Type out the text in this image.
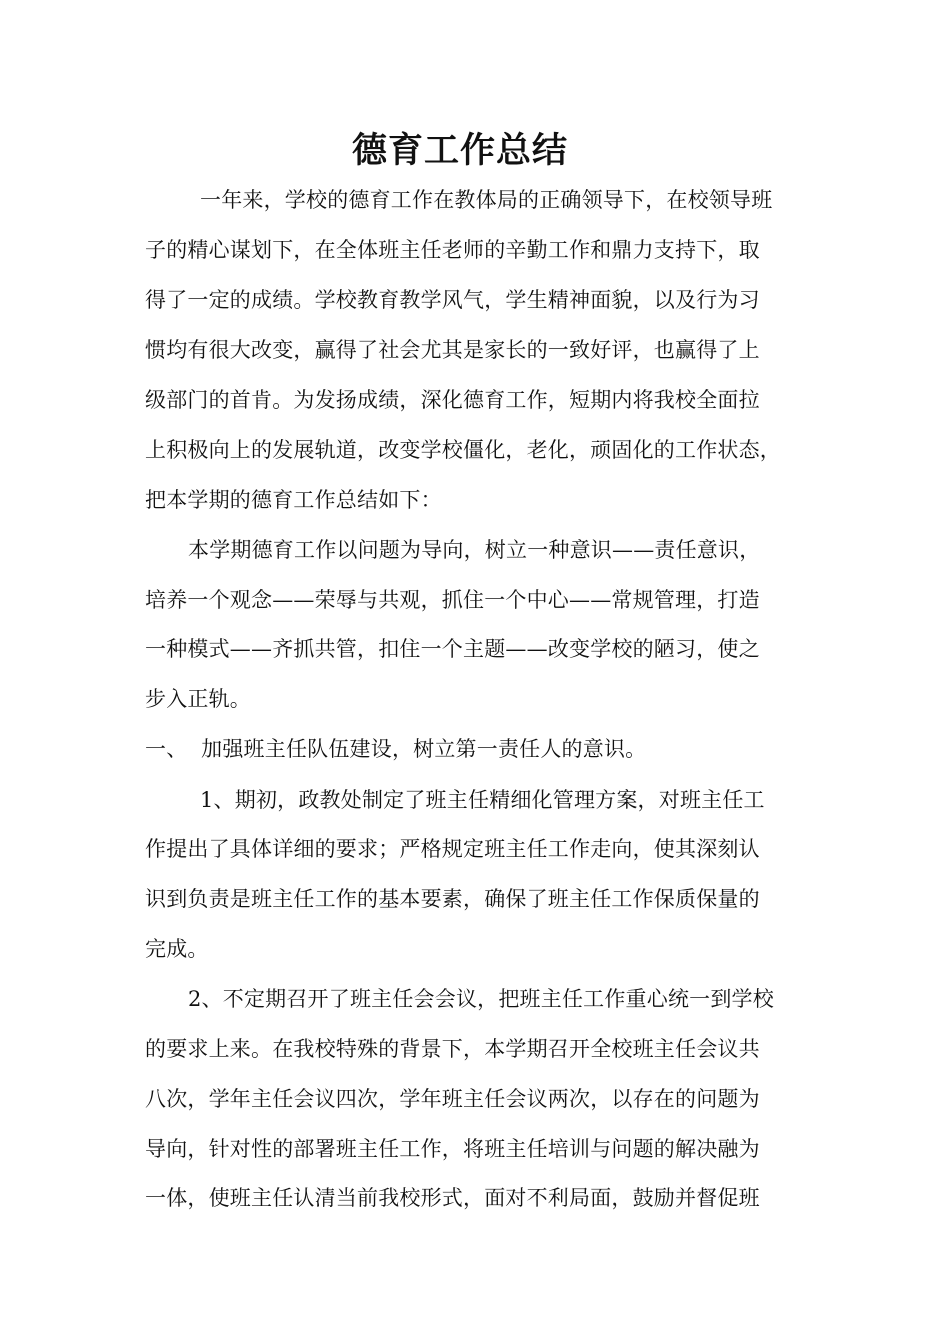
德育工作总结
一年来，学校的德育工作在教体局的正确领导下，在校领导班
子的精心谋划下，在全体班主任老师的辛勤工作和鼎力支持下，取
得了一定的成绩。学校教育教学风气，学生精神面貌，以及行为习
惯均有很大改变，赢得了社会尤其是家长的一致好评，也赢得了上
级部门的首肯。为发扬成绩，深化德育工作，短期内将我校全面拉
上积极向上的发展轨道，改变学校僵化，老化，顽固化的工作状态，
把本学期的德育工作总结如下：
本学期德育工作以问题为导向，树立一种意识——责任意识，
培养一个观念——荣辱与共观，抓住一个中心——常规管理，打造
一种模式——齐抓共管，扣住一个主题——改变学校的陋习，使之
步入正轨。
一、  加强班主任队伍建设，树立第一责任人的意识。
1、期初，政教处制定了班主任精细化管理方案，对班主任工
作提出了具体详细的要求；严格规定班主任工作走向，使其深刻认
识到负责是班主任工作的基本要素，确保了班主任工作保质保量的
完成。
2、不定期召开了班主任会会议，把班主任工作重心统一到学校
的要求上来。在我校特殊的背景下，本学期召开全校班主任会议共
八次，学年主任会议四次，学年班主任会议两次，以存在的问题为
导向，针对性的部署班主任工作，将班主任培训与问题的解决融为
一体，使班主任认清当前我校形式，面对不利局面，鼓励并督促班
